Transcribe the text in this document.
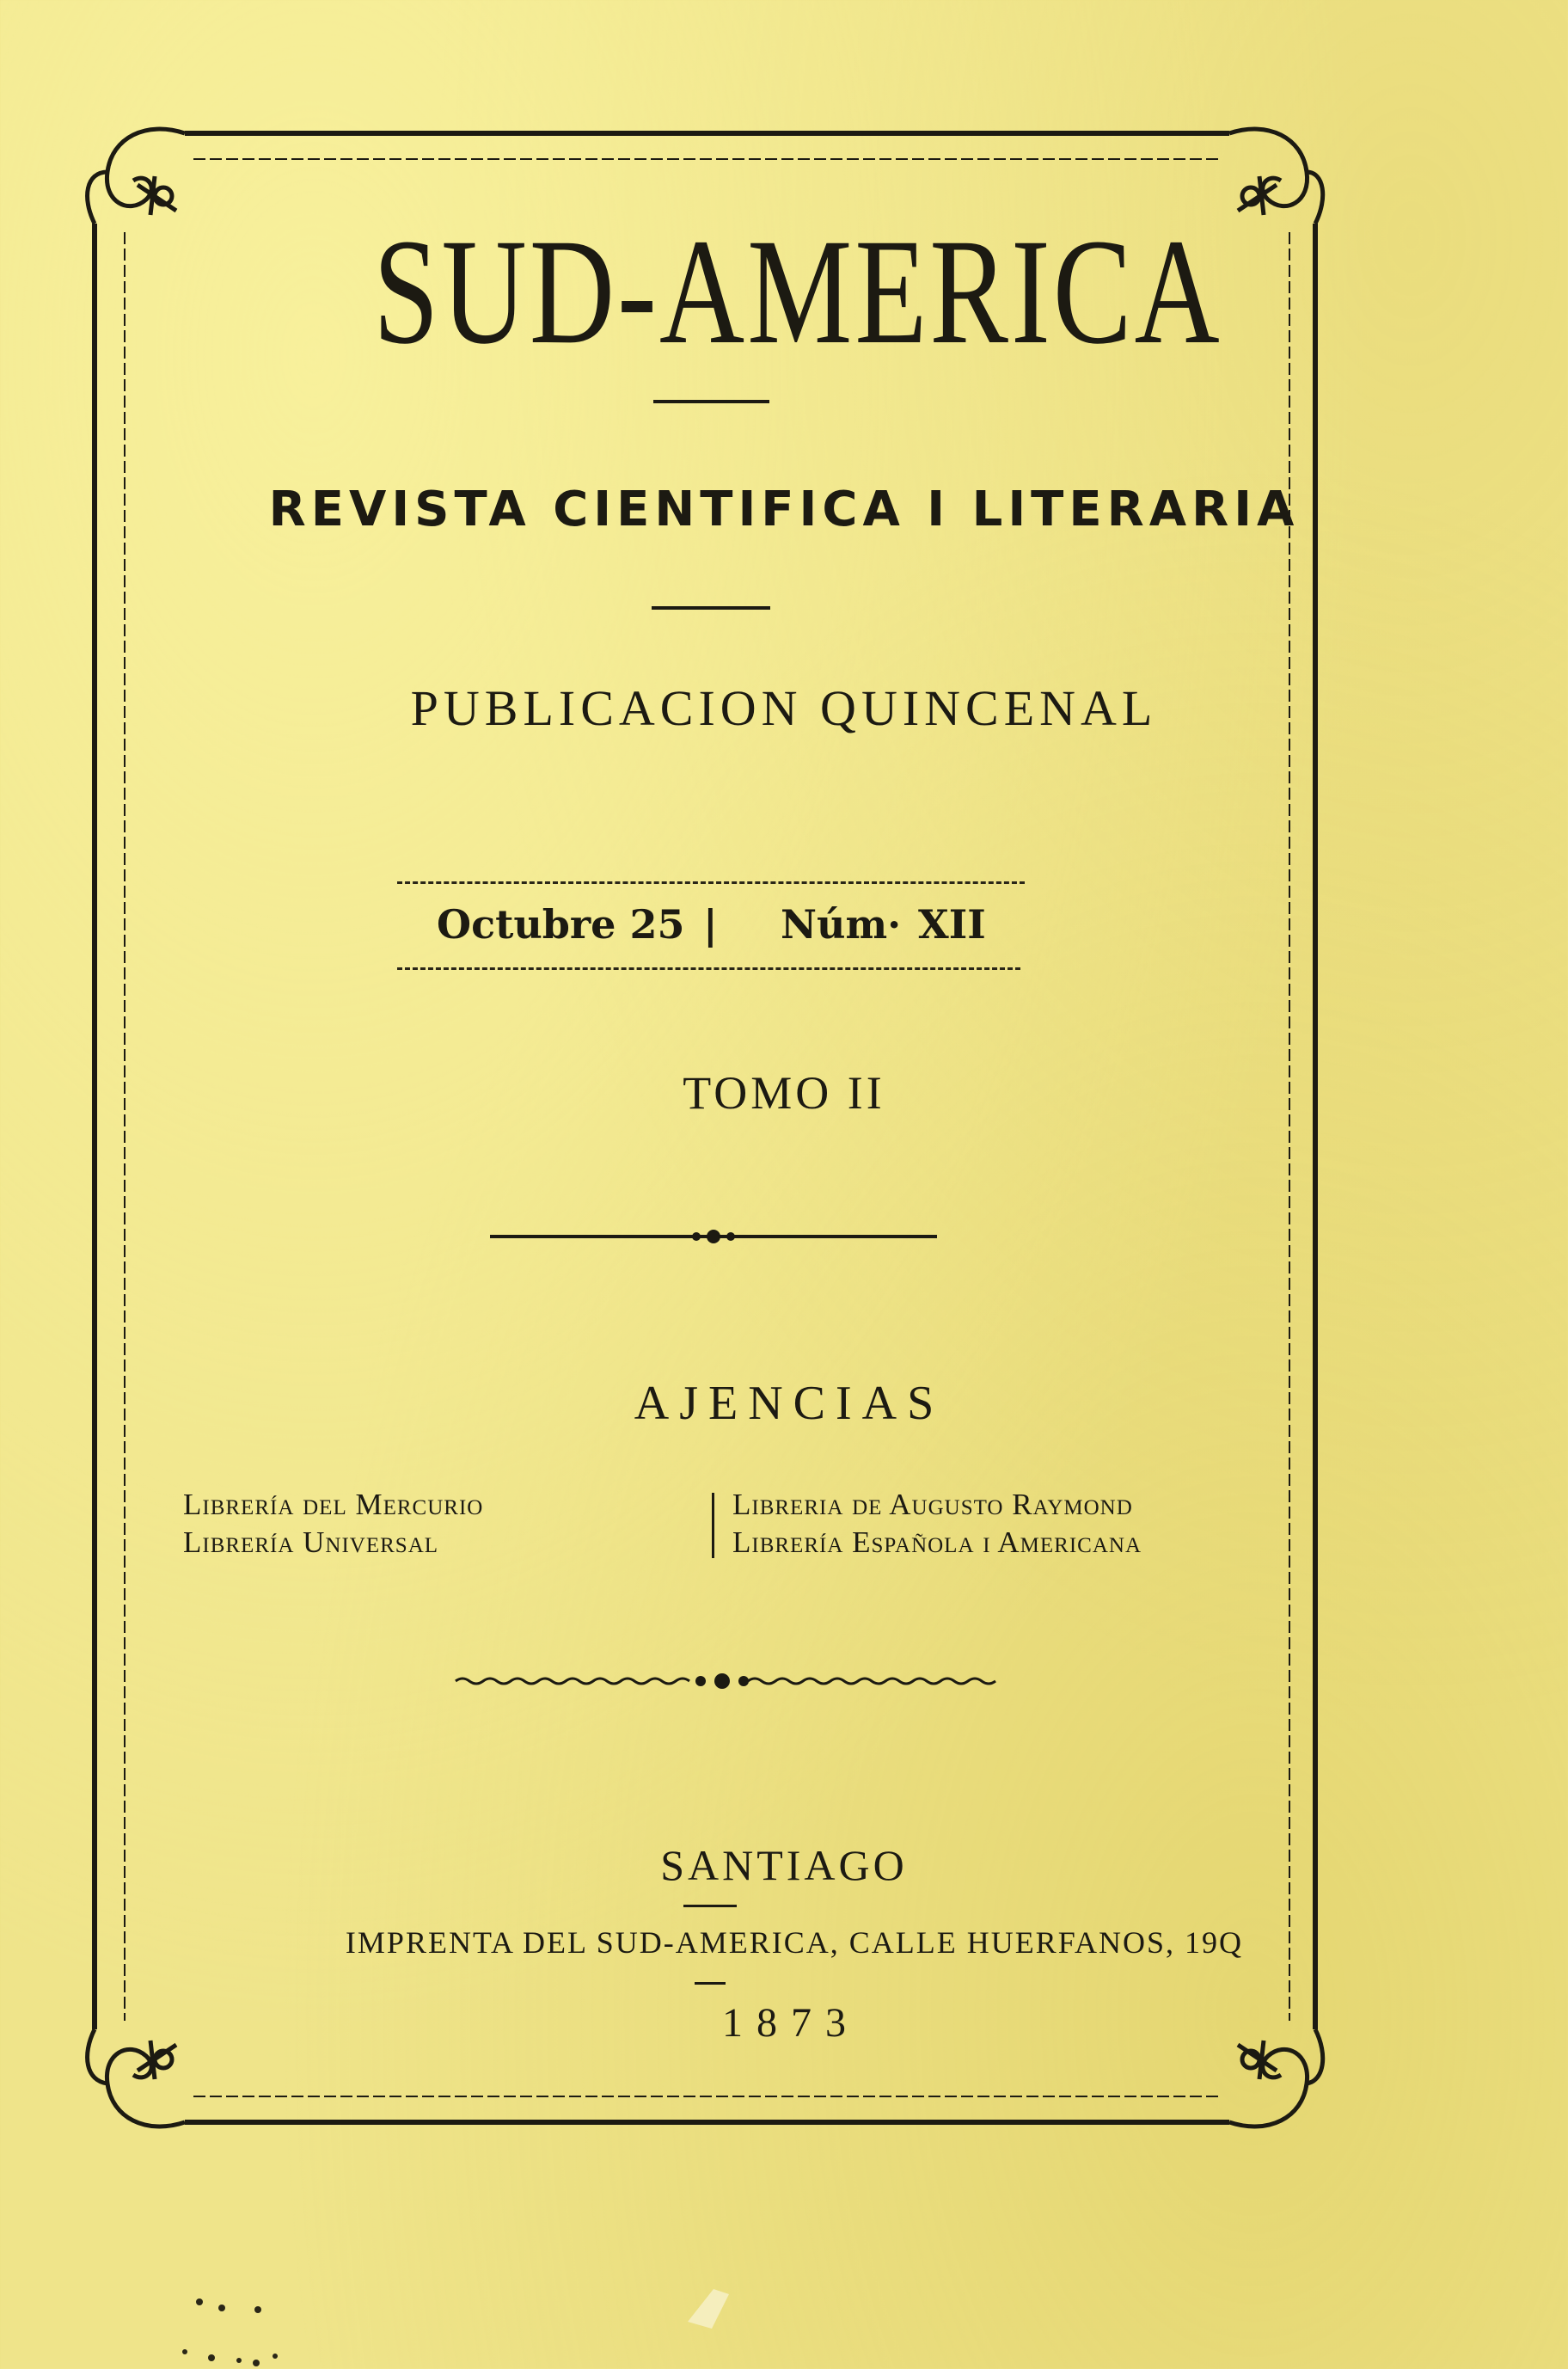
SUD-AMERICA
REVISTA CIENTIFICA I LITERARIA
PUBLICACION QUINCENAL
Octubre 25 | Núm· XII
TOMO II
AJENCIAS
Librería del Mercurio
Librería Universal
Libreria de Augusto Raymond
Librería Española i Americana
SANTIAGO
IMPRENTA DEL SUD-AMERICA, CALLE HUERFANOS, 19Q
1873
